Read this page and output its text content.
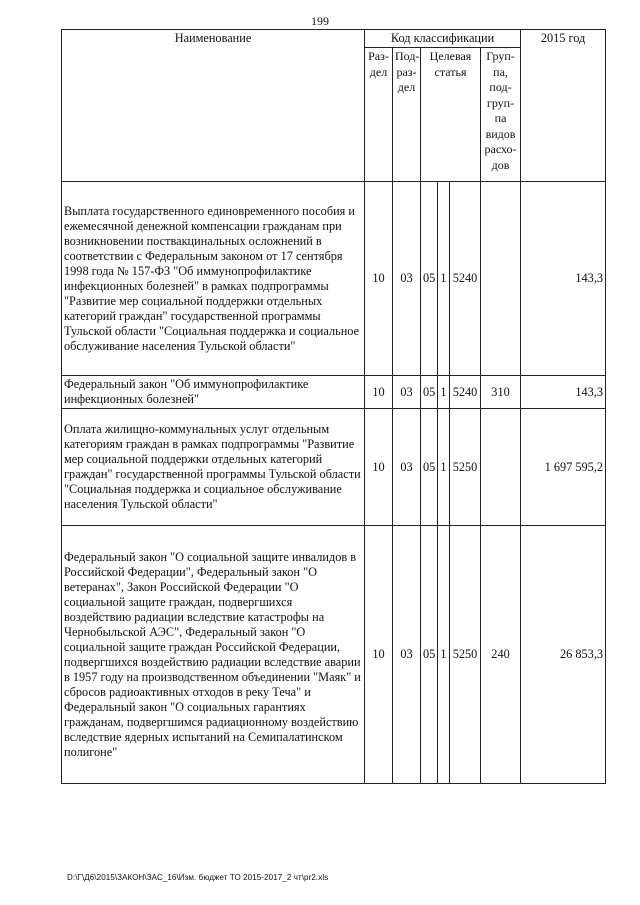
199
Наименование	Код классификации						2015 год
	Раз- дел	Под- раз- дел	Целевая статья			Груп- па, под- груп- па видов расхо- дов	
Выплата государственного единовременного пособия и ежемесячной денежной компенсации гражданам при возникновении поствакцинальных осложнений в соответствии с Федеральным законом от 17 сентября 1998 года № 157-ФЗ "Об иммунопрофилактике инфекционных болезней" в рамках подпрограммы "Развитие мер социальной поддержки отдельных категорий граждан" государственной программы Тульской области "Социальная поддержка и социальное обслуживание населения Тульской области"	10	03	05	1	5240		143,3
Федеральный закон "Об иммунопрофилактике инфекционных болезней"	10	03	05	1	5240	310	143,3
Оплата жилищно-коммунальных услуг отдельным категориям граждан в рамках подпрограммы "Развитие мер социальной поддержки отдельных категорий граждан" государственной программы Тульской области "Социальная поддержка и социальное обслуживание населения Тульской области"	10	03	05	1	5250		1 697 595,2
Федеральный закон "О социальной защите инвалидов в Российской Федерации", Федеральный закон "О ветеранах", Закон Российской Федерации "О социальной защите граждан, подвергшихся воздействию радиации вследствие катастрофы на Чернобыльской АЭС", Федеральный закон "О социальной защите граждан Российской Федерации, подвергшихся воздействию радиации вследствие аварии в 1957 году на производственном объединении "Маяк" и сбросов радиоактивных отходов в реку Теча" и Федеральный закон "О социальных гарантиях гражданам, подвергшимся радиационному воздействию вследствие ядерных испытаний на Семипалатинском полигоне"	10	03	05	1	5250	240	26 853,3
D:\Г\Д6\2015\ЗАКОН\ЗАС_16\Изм. бюджет ТО 2015-2017_2 чт\pr2.xls
